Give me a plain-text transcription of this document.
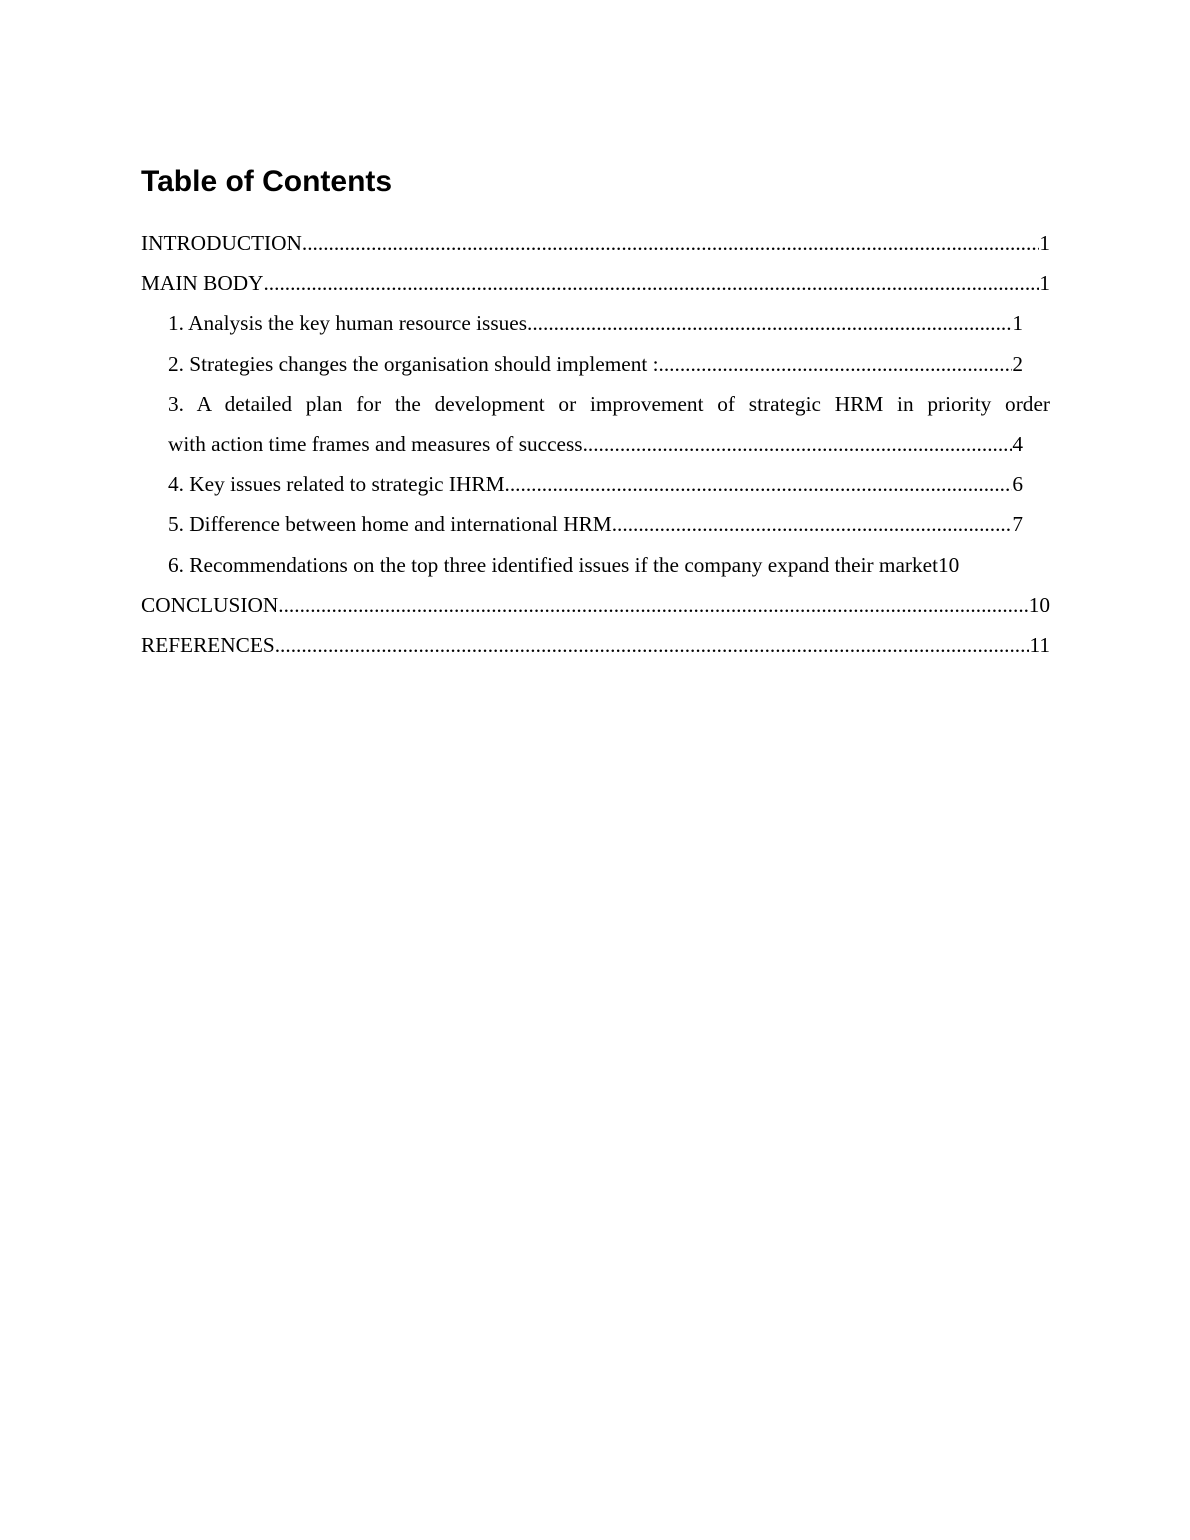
Table of Contents
INTRODUCTION .....	1
MAIN BODY .....	1
1. Analysis the key human resource issues .....	1
2. Strategies changes the organisation should implement : .....	2
3. A detailed plan for the development or improvement of strategic HRM in priority order
with action time frames and measures of success .....	4
4. Key issues related to strategic IHRM .....	6
5. Difference between home and international HRM .....	7
6. Recommendations on the top three identified issues if the company expand their market 10
CONCLUSION .....	10
REFERENCES .....	11
